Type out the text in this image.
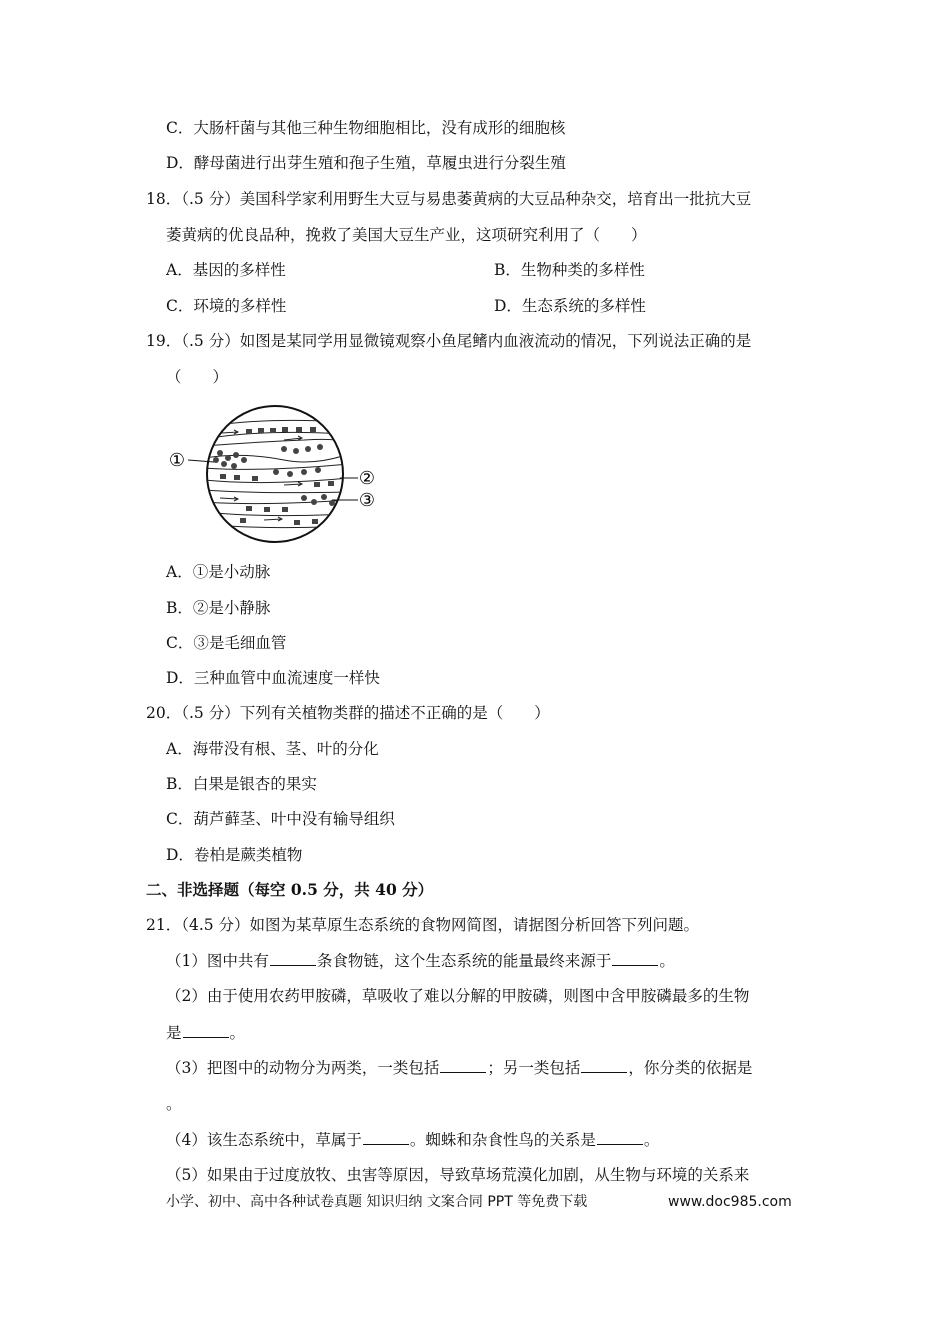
C．大肠杆菌与其他三种生物细胞相比，没有成形的细胞核
D．酵母菌进行出芽生殖和孢子生殖，草履虫进行分裂生殖
18．（.5 分）美国科学家利用野生大豆与易患萎黄病的大豆品种杂交，培育出一批抗大豆
萎黄病的优良品种，挽救了美国大豆生产业，这项研究利用了（　　）
A．基因的多样性	B．生物种类的多样性
C．环境的多样性	D．生态系统的多样性
19．（.5 分）如图是某同学用显微镜观察小鱼尾鳍内血液流动的情况，下列说法正确的是
（　　）
①
②
③
A．①是小动脉
B．②是小静脉
C．③是毛细血管
D．三种血管中血流速度一样快
20．（.5 分）下列有关植物类群的描述不正确的是（　　）
A．海带没有根、茎、叶的分化
B．白果是银杏的果实
C．葫芦藓茎、叶中没有输导组织
D．卷柏是蕨类植物
二、非选择题（每空 0.5 分，共 40 分）
21．（4.5 分）如图为某草原生态系统的食物网简图，请据图分析回答下列问题。
（1）图中共有	条食物链，这个生态系统的能量最终来源于	。
（2）由于使用农药甲胺磷，草吸收了难以分解的甲胺磷，则图中含甲胺磷最多的生物
是	。
（3）把图中的动物分为两类，一类包括	；另一类包括	，你分类的依据是
。
（4）该生态系统中，草属于	。蜘蛛和杂食性鸟的关系是	。
（5）如果由于过度放牧、虫害等原因，导致草场荒漠化加剧，从生物与环境的关系来
小学、初中、高中各种试卷真题 知识归纳 文案合同 PPT 等免费下载	www.doc985.com
